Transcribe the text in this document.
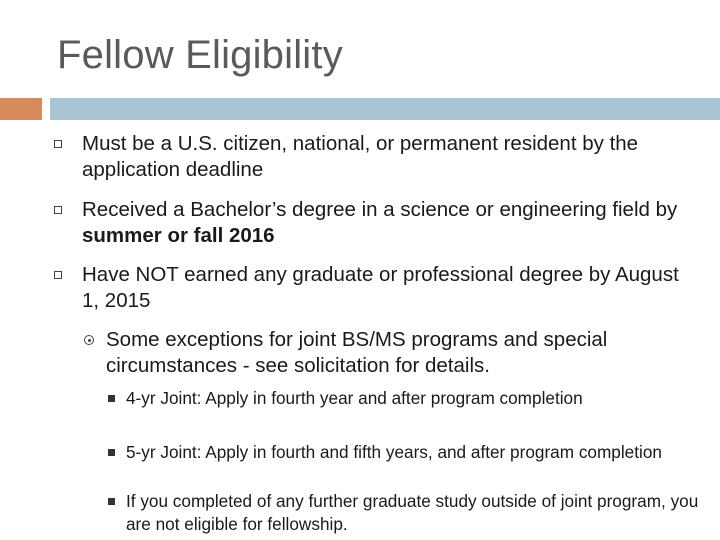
Fellow Eligibility
Must be a U.S. citizen, national, or permanent resident by the application deadline
Received a Bachelor’s degree in a science or engineering field by summer or fall 2016
Have NOT earned any graduate or professional degree by August 1, 2015
Some exceptions for joint BS/MS programs and special circumstances - see solicitation for details.
4-yr Joint: Apply in fourth year and after program completion
5-yr Joint: Apply in fourth and fifth years, and after program completion
If you completed of any further graduate study outside of joint program, you are not eligible for fellowship.
